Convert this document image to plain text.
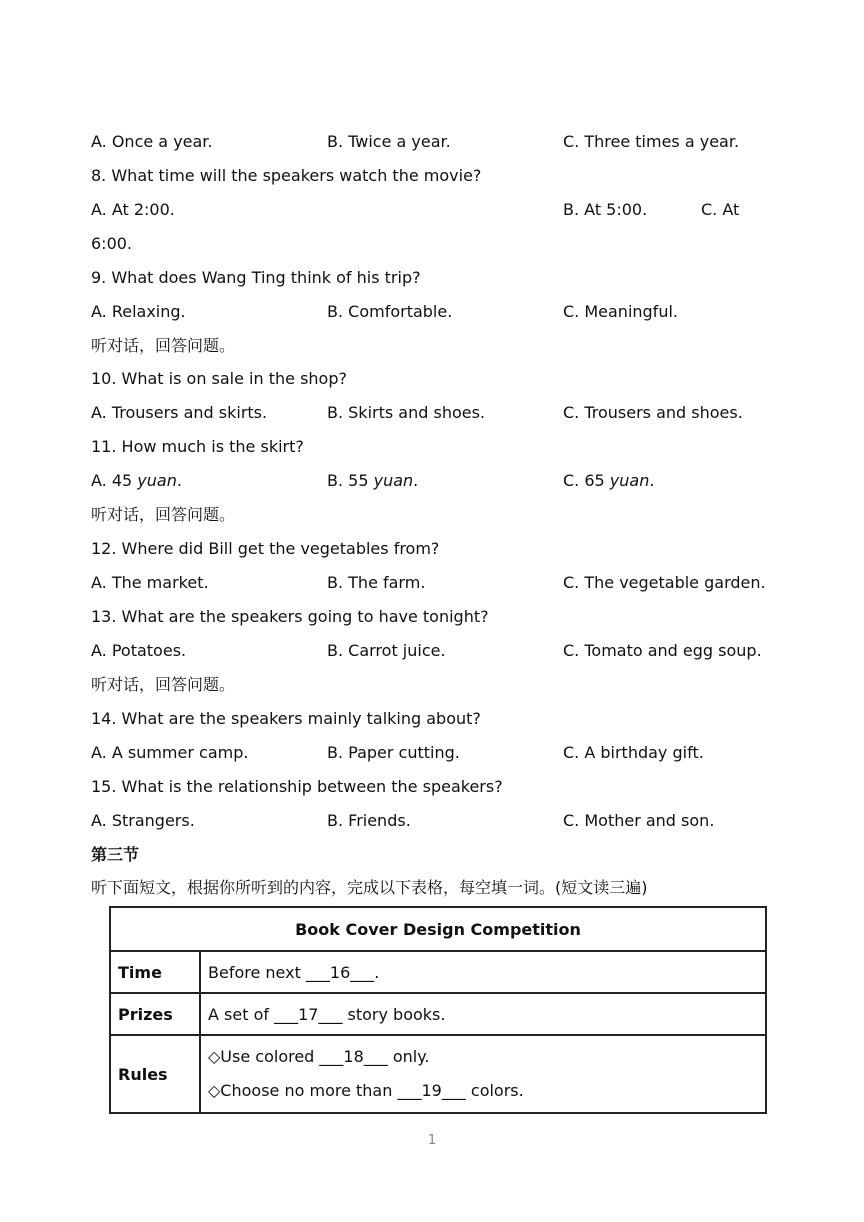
A. Once a year.	B. Twice a year.	C. Three times a year.
8. What time will the speakers watch the movie?
A. At 2:00.	B. At 5:00.	C. At
6:00.
9. What does Wang Ting think of his trip?
A. Relaxing.	B. Comfortable.	C. Meaningful.
听对话，回答问题。
10. What is on sale in the shop?
A. Trousers and skirts.	B. Skirts and shoes.	C. Trousers and shoes.
11. How much is the skirt?
A. 45 yuan.	B. 55 yuan.	C. 65 yuan.
听对话，回答问题。
12. Where did Bill get the vegetables from?
A. The market.	B. The farm.	C. The vegetable garden.
13. What are the speakers going to have tonight?
A. Potatoes.	B. Carrot juice.	C. Tomato and egg soup.
听对话，回答问题。
14. What are the speakers mainly talking about?
A. A summer camp.	B. Paper cutting.	C. A birthday gift.
15. What is the relationship between the speakers?
A. Strangers.	B. Friends.	C. Mother and son.
第三节
听下面短文，根据你所听到的内容，完成以下表格，每空填一词。(短文读三遍)
Book Cover Design Competition	
Time	Before next ___16___.
Prizes	A set of ___17___ story books.
Rules	◇Use colored ___18___ only.
◇Choose no more than ___19___ colors.
1
